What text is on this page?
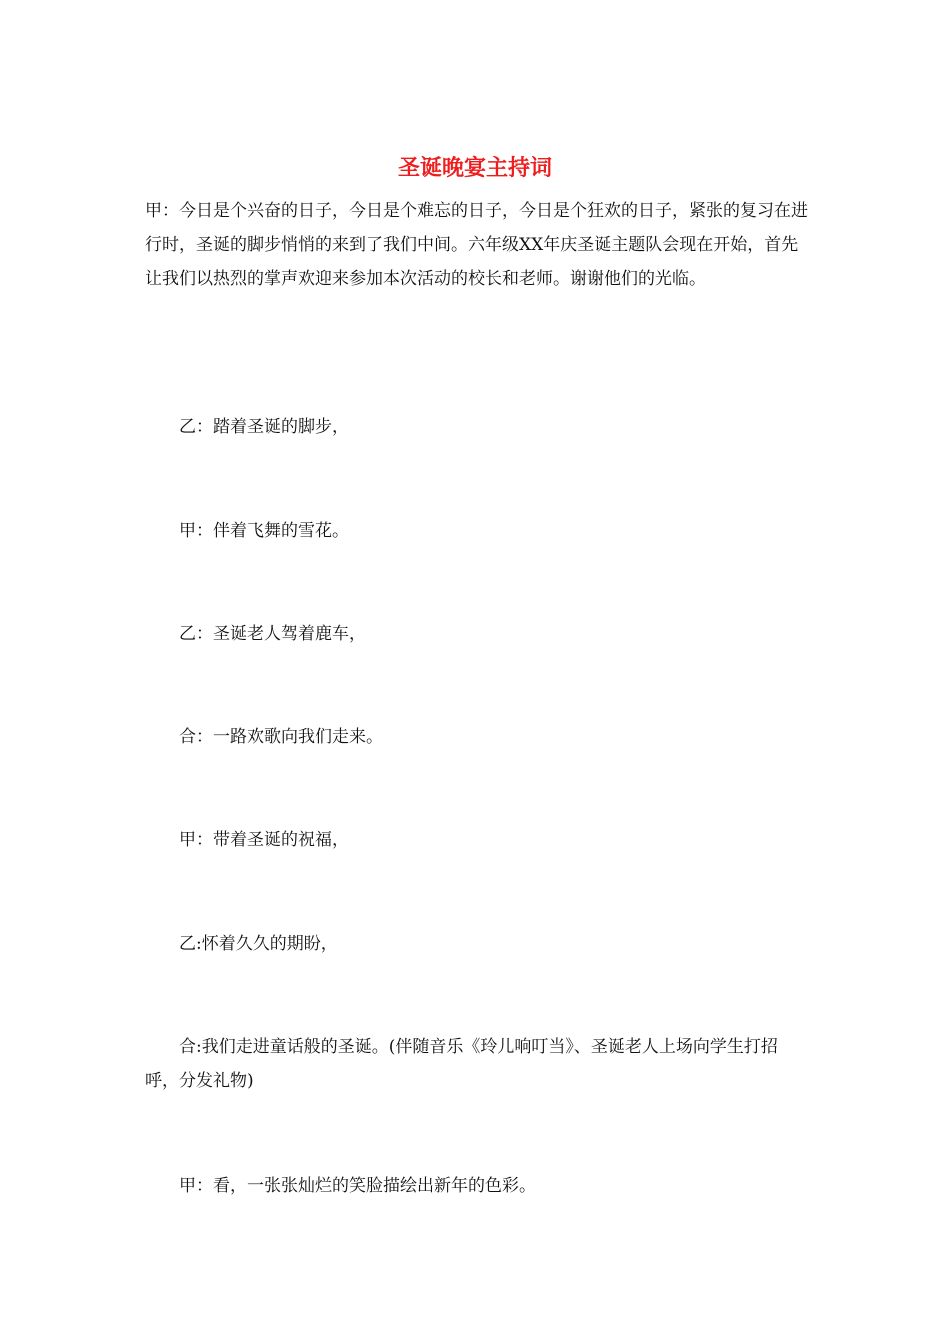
圣诞晚宴主持词

甲：今日是个兴奋的日子，今日是个难忘的日子，今日是个狂欢的日子，紧张的复习在进行时，圣诞的脚步悄悄的来到了我们中间。六年级XX年庆圣诞主题队会现在开始，首先让我们以热烈的掌声欢迎来参加本次活动的校长和老师。谢谢他们的光临。

乙：踏着圣诞的脚步，

甲：伴着飞舞的雪花。

乙：圣诞老人驾着鹿车，

合：一路欢歌向我们走来。

甲：带着圣诞的祝福，

乙:怀着久久的期盼，

合:我们走进童话般的圣诞。(伴随音乐《玲儿响叮当》、圣诞老人上场向学生打招呼，分发礼物)

甲：看，一张张灿烂的笑脸描绘出新年的色彩。
